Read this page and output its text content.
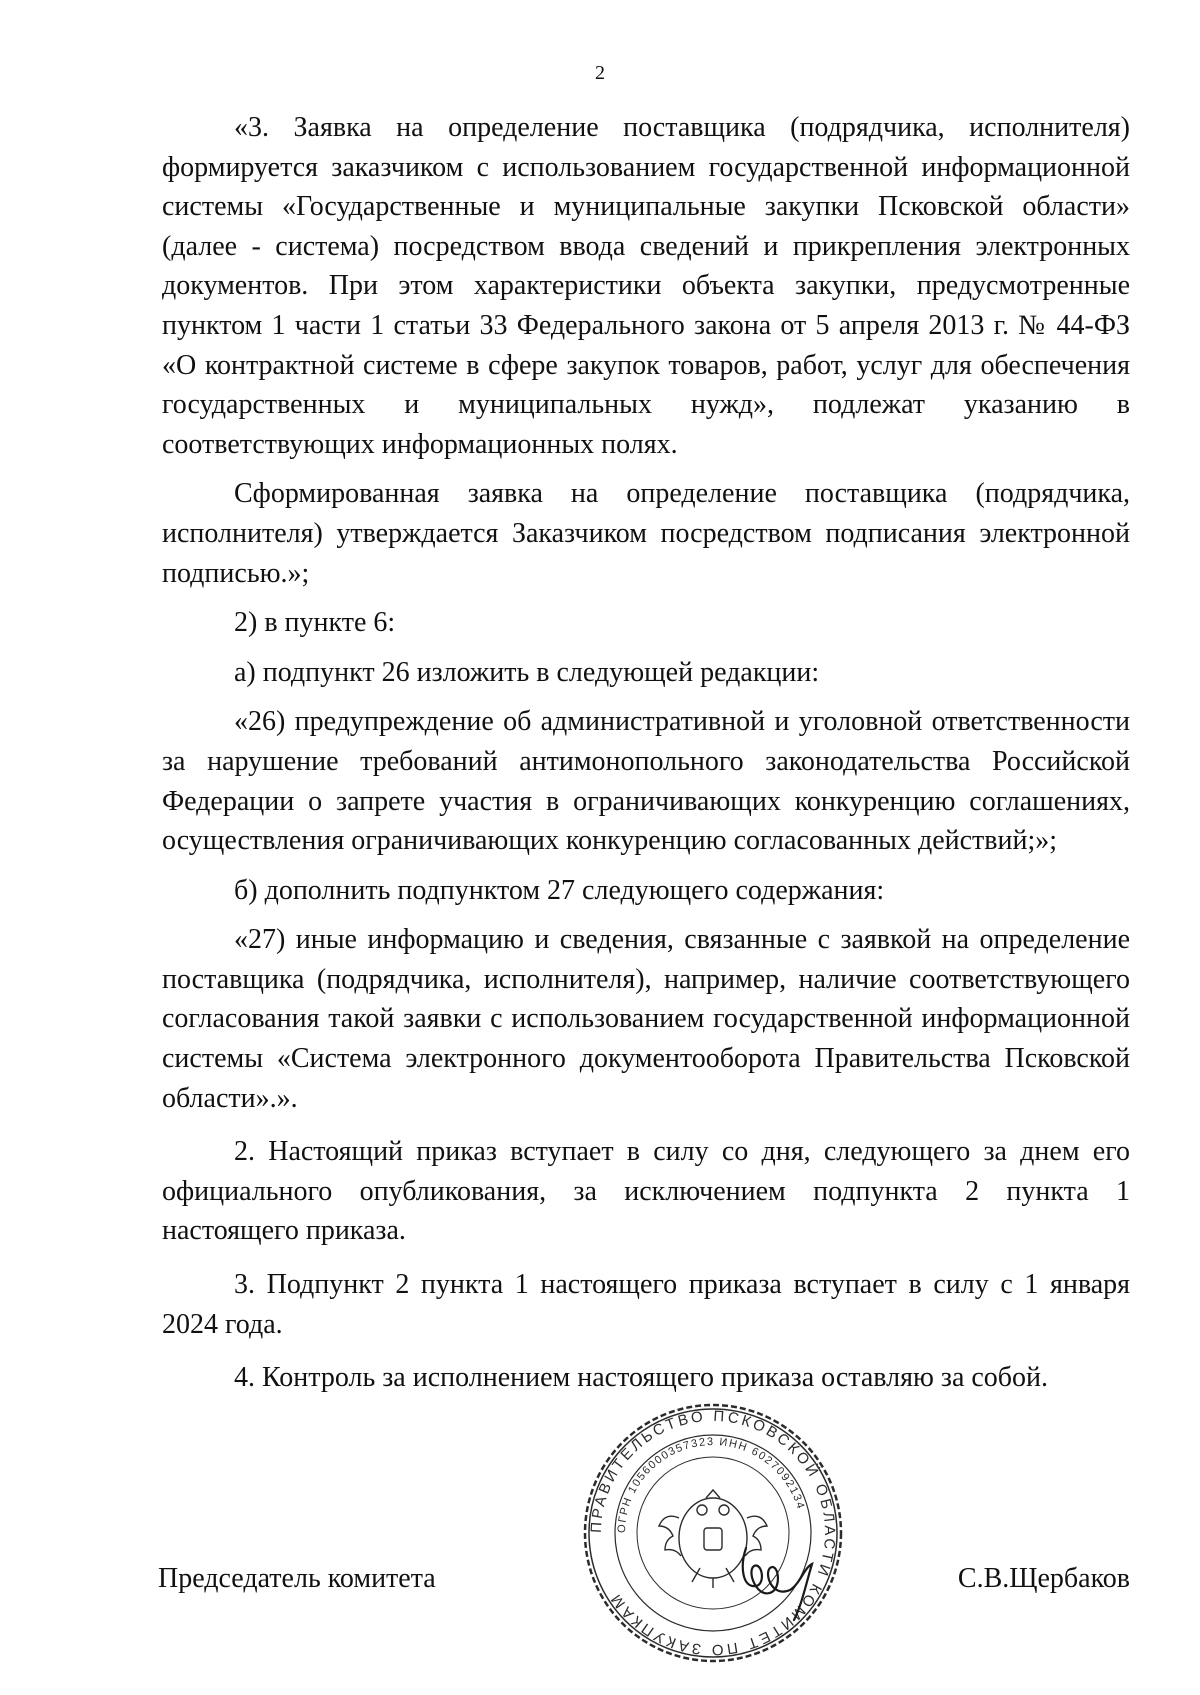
2

«3. Заявка на определение поставщика (подрядчика, исполнителя) формируется заказчиком с использованием государственной информационной системы «Государственные и муниципальные закупки Псковской области» (далее - система) посредством ввода сведений и прикрепления электронных документов. При этом характеристики объекта закупки, предусмотренные пунктом 1 части 1 статьи 33 Федерального закона от 5 апреля 2013 г. № 44-ФЗ «О контрактной системе в сфере закупок товаров, работ, услуг для обеспечения государственных и муниципальных нужд», подлежат указанию в соответствующих информационных полях.

Сформированная заявка на определение поставщика (подрядчика, исполнителя) утверждается Заказчиком посредством подписания электронной подписью.»;

2) в пункте 6:

а) подпункт 26 изложить в следующей редакции:

«26) предупреждение об административной и уголовной ответственности за нарушение требований антимонопольного законодательства Российской Федерации о запрете участия в ограничивающих конкуренцию соглашениях, осуществления ограничивающих конкуренцию согласованных действий;»;

б) дополнить подпунктом 27 следующего содержания:

«27) иные информацию и сведения, связанные с заявкой на определение поставщика (подрядчика, исполнителя), например, наличие соответствующего согласования такой заявки с использованием государственной информационной системы «Система электронного документооборота Правительства Псковской области».».

2. Настоящий приказ вступает в силу со дня, следующего за днем его официального опубликования, за исключением подпункта 2 пункта 1 настоящего приказа.

3. Подпункт 2 пункта 1 настоящего приказа вступает в силу с 1 января 2024 года.

4. Контроль за исполнением настоящего приказа оставляю за собой.

ПРАВИТЕЛЬСТВО ПСКОВСКОЙ ОБЛАСТИ КОМИТЕТ ПО ЗАКУПКАМ
ОГРН 1056000357323 ИНН 6027092134
Председатель комитета	С.В.Щербаков
